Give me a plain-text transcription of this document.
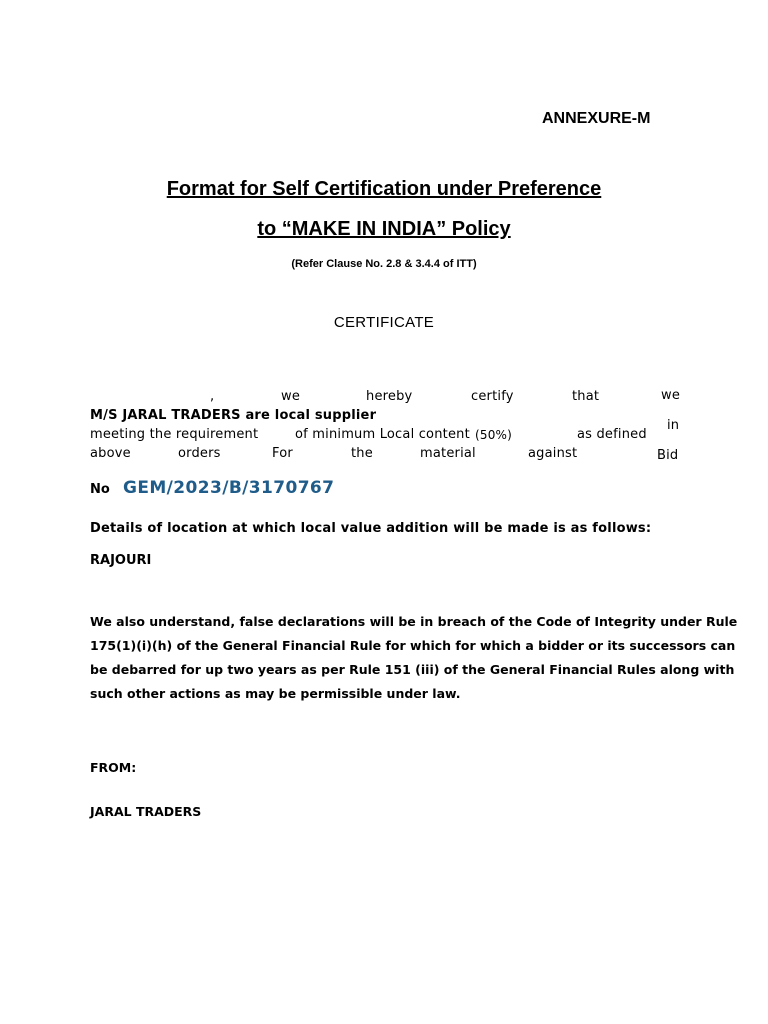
ANNEXURE-M
Format for Self Certification under Preference
to “MAKE IN INDIA” Policy
(Refer Clause No. 2.8 & 3.4.4 of ITT)
CERTIFICATE
,	we	hereby	certify	that	we
M/S JARAL TRADERS are local supplier
in
meeting the requirement	of minimum Local content (50%)	as defined
above	orders	For	the	material	against	Bid
No GEM/2023/B/3170767
Details of location at which local value addition will be made is as follows:
RAJOURI
We also understand, false declarations will be in breach of the Code of Integrity under Rule
175(1)(i)(h) of the General Financial Rule for which for which a bidder or its successors can
be debarred for up two years as per Rule 151 (iii) of the General Financial Rules along with
such other actions as may be permissible under law.
FROM:
JARAL TRADERS
